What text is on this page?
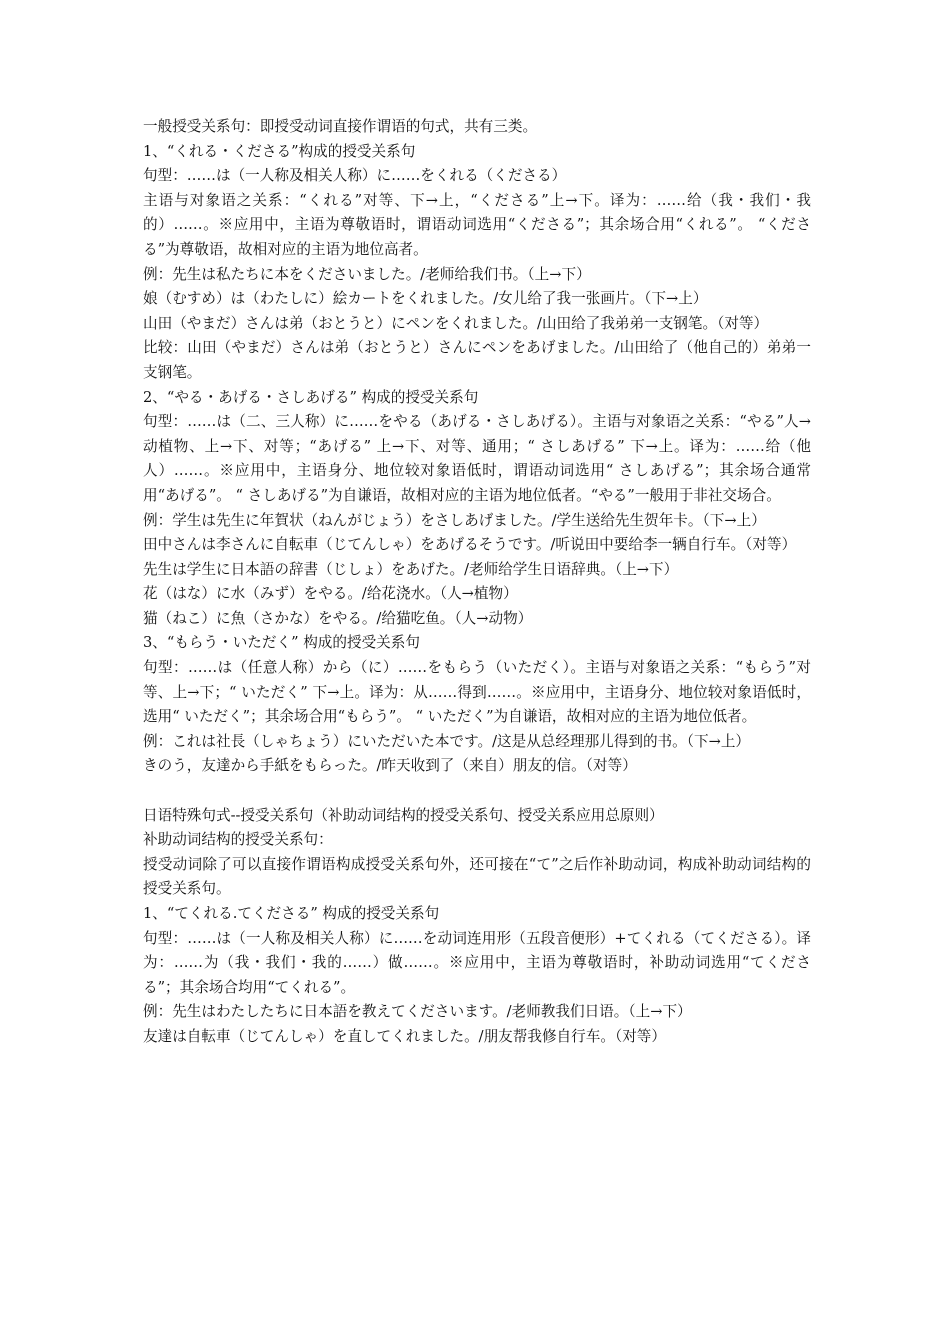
一般授受关系句：即授受动词直接作谓语的句式，共有三类。

1、“くれる・くださる”构成的授受关系句

句型：……は（一人称及相关人称）に……をくれる（くださる）

主语与对象语之关系：“くれる”对等、下→上，“くださる”上→下。译为：……给（我・我们・我的）……。※应用中，主语为尊敬语时，谓语动词选用“くださる”；其余场合用“くれる”。 “くださる”为尊敬语，故相对应的主语为地位高者。

例：先生は私たちに本をくださいました。/老师给我们书。（上→下）

娘（むすめ）は（わたしに）絵カートをくれました。/女儿给了我一张画片。（下→上）

山田（やまだ）さんは弟（おとうと）にペンをくれました。/山田给了我弟弟一支钢笔。（对等）

比较：山田（やまだ）さんは弟（おとうと）さんにペンをあげました。/山田给了（他自己的）弟弟一支钢笔。

2、“やる・あげる・さしあげる” 构成的授受关系句

句型：……は（二、三人称）に……をやる（あげる・さしあげる）。主语与对象语之关系：“やる”人→动植物、上→下、对等；“あげる” 上→下、对等、通用；“ さしあげる” 下→上。译为：……给（他人）……。※应用中，主语身分、地位较对象语低时，谓语动词选用“ さしあげる”；其余场合通常用“あげる”。 “ さしあげる”为自谦语，故相对应的主语为地位低者。“やる”一般用于非社交场合。

例：学生は先生に年賀状（ねんがじょう）をさしあげました。/学生送给先生贺年卡。（下→上）

田中さんは李さんに自転車（じてんしゃ）をあげるそうです。/听说田中要给李一辆自行车。（对等）

先生は学生に日本語の辞書（じしょ）をあげた。/老师给学生日语辞典。（上→下）

花（はな）に水（みず）をやる。/给花浇水。（人→植物）

猫（ねこ）に魚（さかな）をやる。/给猫吃鱼。（人→动物）

3、“もらう・いただく” 构成的授受关系句

句型：……は（任意人称）から（に）……をもらう（いただく）。主语与对象语之关系：“もらう”对等、上→下；“ いただく” 下→上。译为：从……得到……。※应用中，主语身分、地位较对象语低时，选用“ いただく”；其余场合用“もらう”。 “ いただく”为自谦语，故相对应的主语为地位低者。

例：これは社長（しゃちょう）にいただいた本です。/这是从总经理那儿得到的书。（下→上）

きのう，友達から手紙をもらった。/昨天收到了（来自）朋友的信。（对等）

日语特殊句式--授受关系句（补助动词结构的授受关系句、授受关系应用总原则）

补助动词结构的授受关系句：

授受动词除了可以直接作谓语构成授受关系句外，还可接在“て”之后作补助动词，构成补助动词结构的授受关系句。

1、“てくれる.てくださる” 构成的授受关系句

句型：……は（一人称及相关人称）に……を动词连用形（五段音便形）+てくれる（てくださる）。译为：……为（我・我们・我的……）做……。※应用中，主语为尊敬语时，补助动词选用“てくださる”；其余场合均用“てくれる”。

例：先生はわたしたちに日本語を教えてくださいます。/老师教我们日语。（上→下）

友達は自転車（じてんしゃ）を直してくれました。/朋友帮我修自行车。（对等）
